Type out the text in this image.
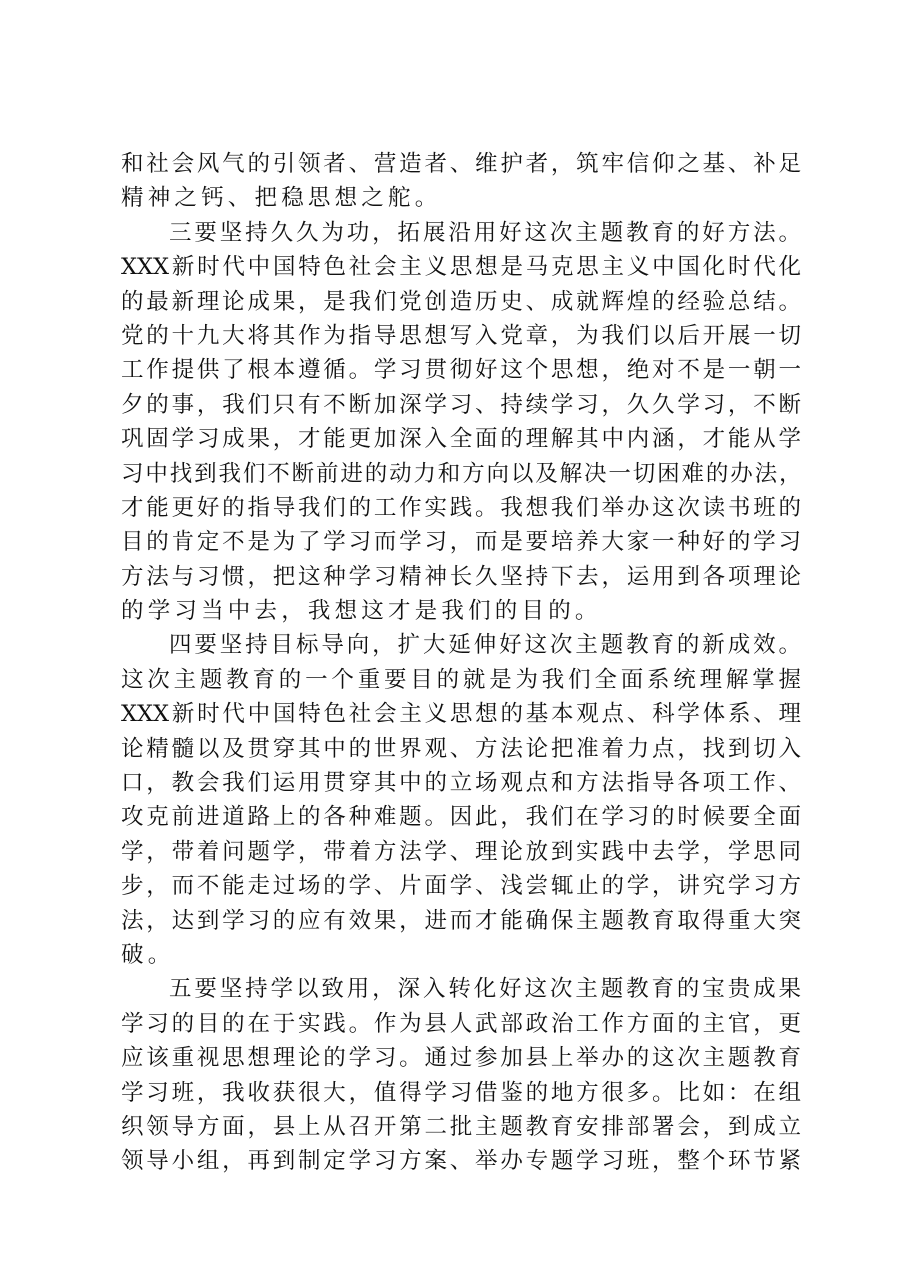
和社会风气的引领者、营造者、维护者，筑牢信仰之基、补足
精神之钙、把稳思想之舵。
三要坚持久久为功，拓展沿用好这次主题教育的好方法。
XXX新时代中国特色社会主义思想是马克思主义中国化时代化
的最新理论成果，是我们党创造历史、成就辉煌的经验总结。
党的十九大将其作为指导思想写入党章，为我们以后开展一切
工作提供了根本遵循。学习贯彻好这个思想，绝对不是一朝一
夕的事，我们只有不断加深学习、持续学习，久久学习，不断
巩固学习成果，才能更加深入全面的理解其中内涵，才能从学
习中找到我们不断前进的动力和方向以及解决一切困难的办法，
才能更好的指导我们的工作实践。我想我们举办这次读书班的
目的肯定不是为了学习而学习，而是要培养大家一种好的学习
方法与习惯，把这种学习精神长久坚持下去，运用到各项理论
的学习当中去，我想这才是我们的目的。
四要坚持目标导向，扩大延伸好这次主题教育的新成效。
这次主题教育的一个重要目的就是为我们全面系统理解掌握
XXX新时代中国特色社会主义思想的基本观点、科学体系、理
论精髓以及贯穿其中的世界观、方法论把准着力点，找到切入
口，教会我们运用贯穿其中的立场观点和方法指导各项工作、
攻克前进道路上的各种难题。因此，我们在学习的时候要全面
学，带着问题学，带着方法学、理论放到实践中去学，学思同
步，而不能走过场的学、片面学、浅尝辄止的学，讲究学习方
法，达到学习的应有效果，进而才能确保主题教育取得重大突
破。
五要坚持学以致用，深入转化好这次主题教育的宝贵成果
学习的目的在于实践。作为县人武部政治工作方面的主官，更
应该重视思想理论的学习。通过参加县上举办的这次主题教育
学习班，我收获很大，值得学习借鉴的地方很多。比如：在组
织领导方面，县上从召开第二批主题教育安排部署会，到成立
领导小组，再到制定学习方案、举办专题学习班，整个环节紧
